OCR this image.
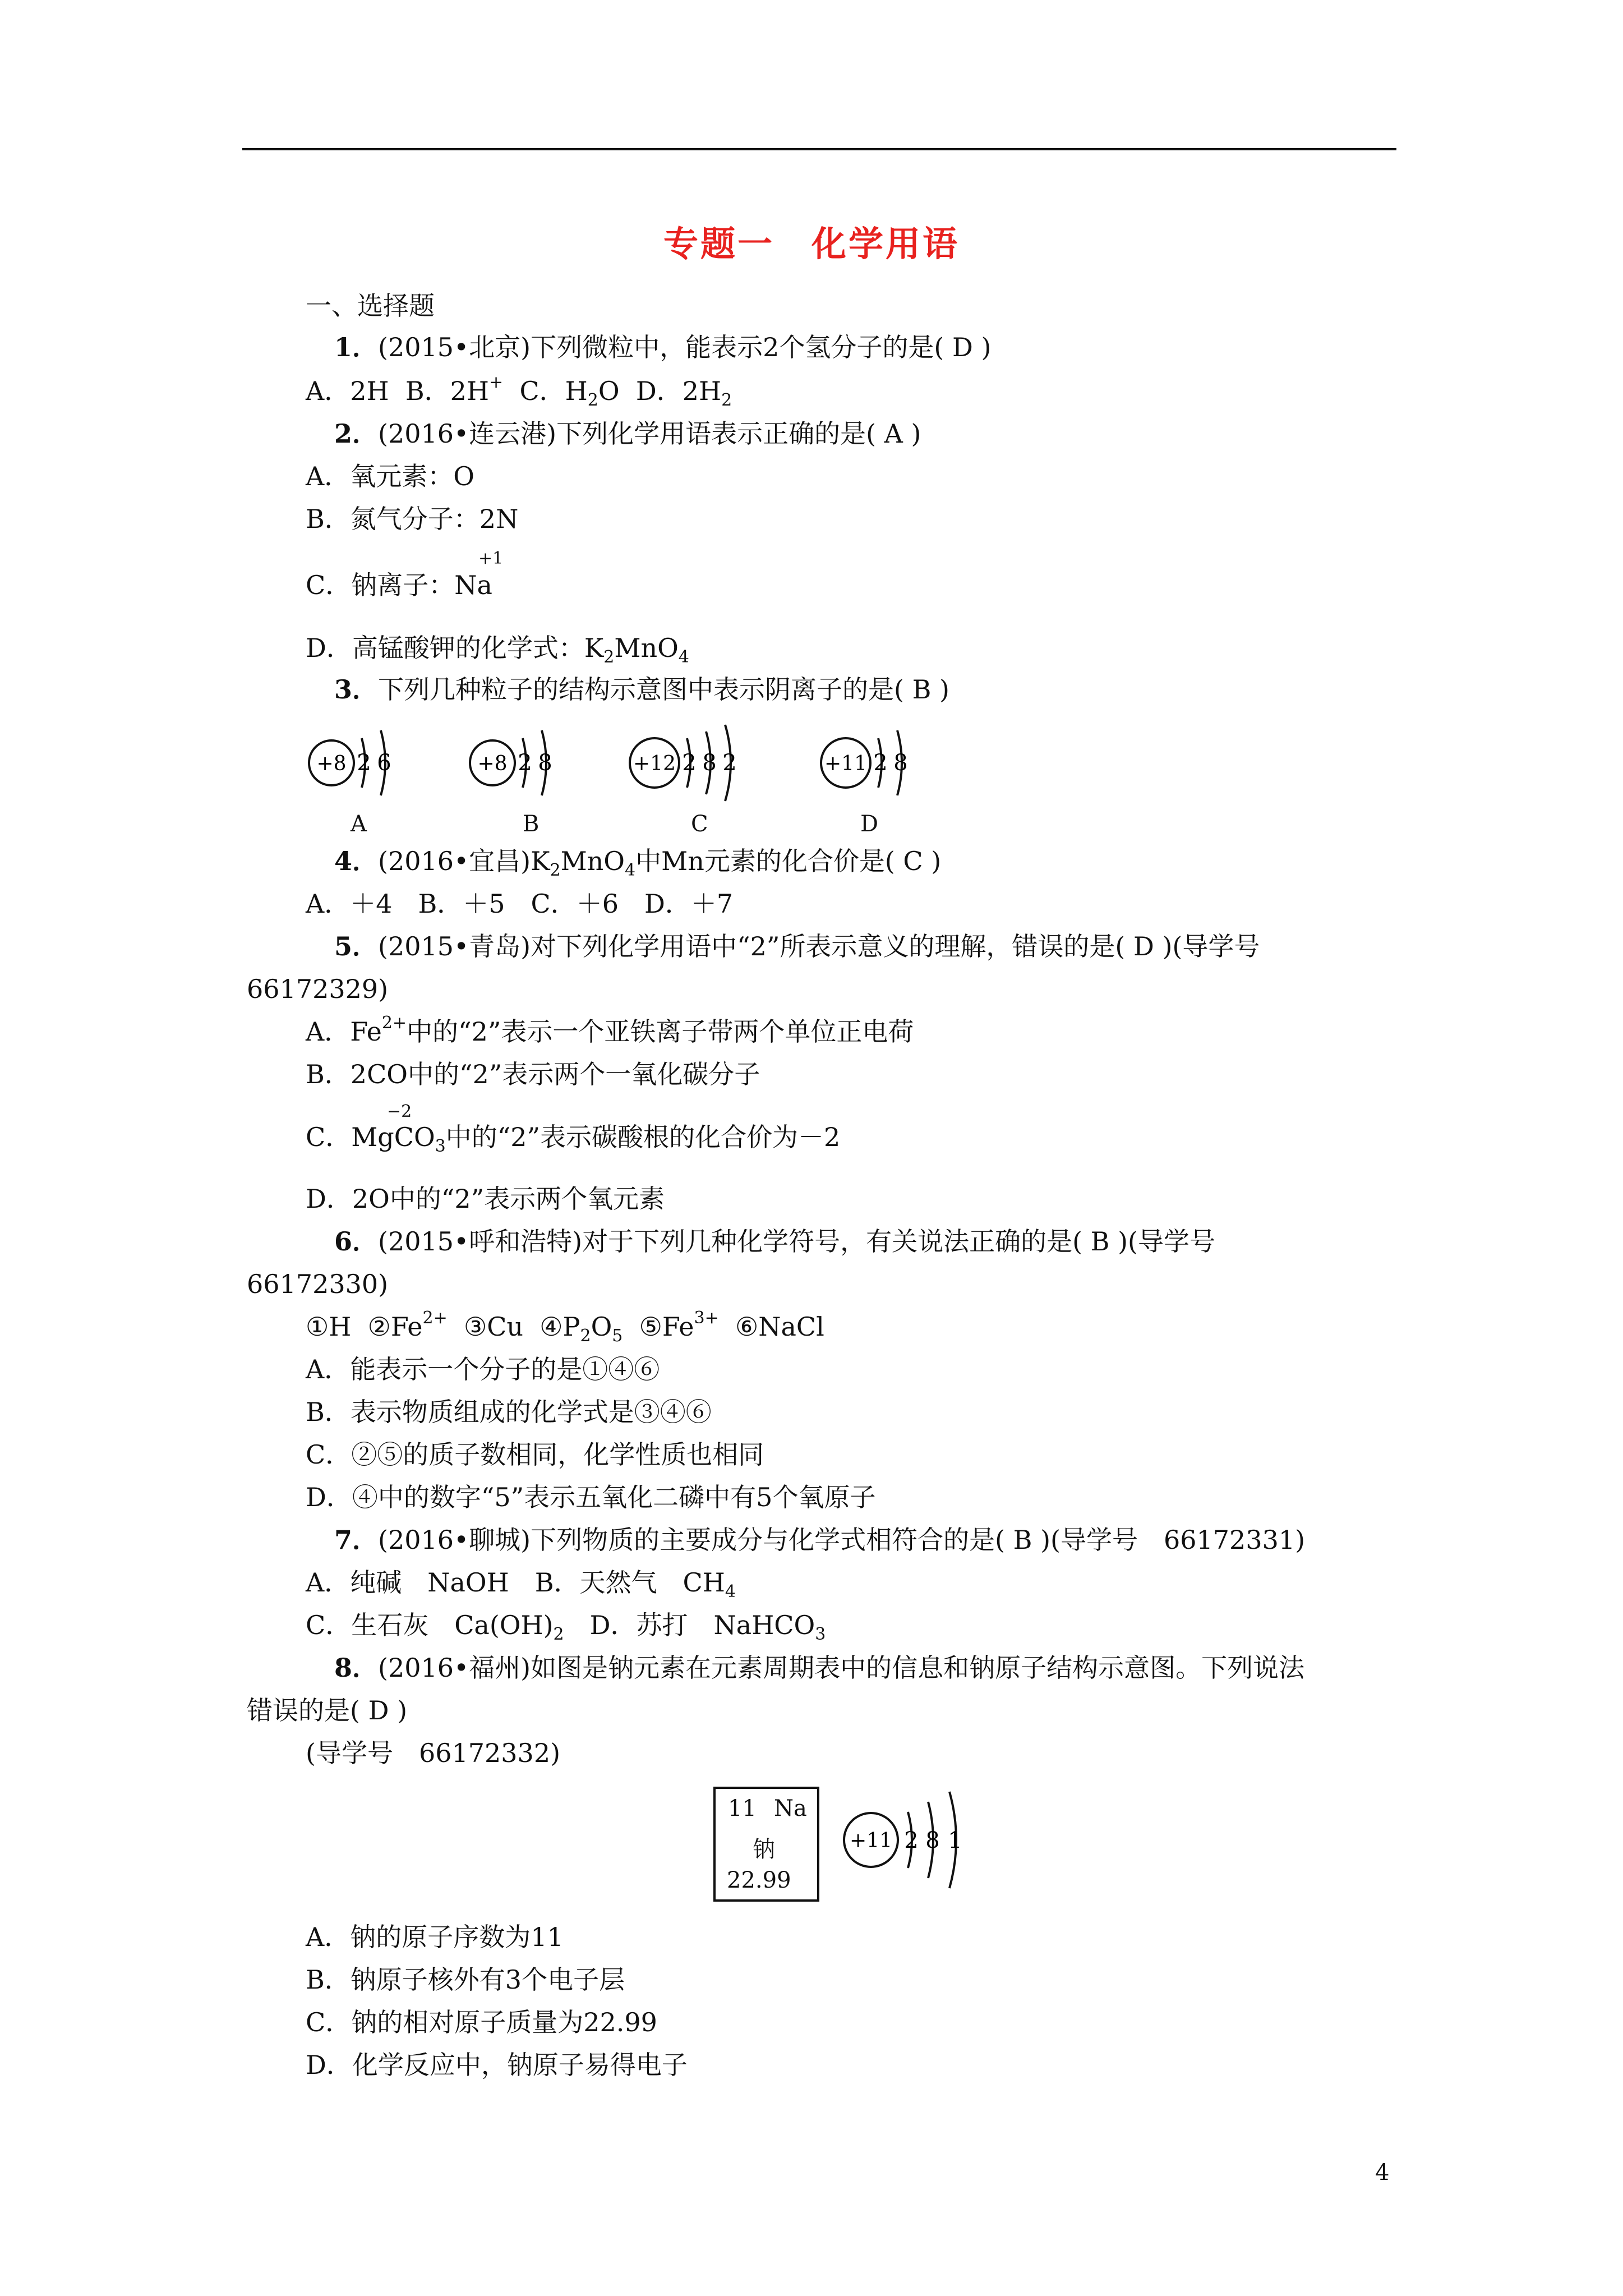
专题一　化学用语
一、选择题
1．(2015•北京)下列微粒中，能表示2个氢分子的是( D )
A．2H B．2H+ C．$H_2O$ D．$2H_2$
2．(2016•连云港)下列化学用语表示正确的是( A )
A．氧元素：O
B．氮气分子：2N
+1
C．钠离子：Na
D．高锰酸钾的化学式：$K_2MnO_4$
3．下列几种粒子的结构示意图中表示阴离子的是( B )
+8 2 6
A
+8 2 8
B
+12 2 8 2
C
+11 2 8
D
4．(2016•宜昌)$K_2MnO_4$中Mn元素的化合价是( C )
A．＋4　B．＋5　C．＋6　D．＋7
5．(2015•青岛)对下列化学用语中“2”所表示意义的理解，错误的是( D )(导学号
66172329)
A．$Fe^{2+}$中的“2”表示一个亚铁离子带两个单位正电荷
B．2CO中的“2”表示两个一氧化碳分子
−2
C．MgCO$_3$中的“2”表示碳酸根的化合价为－2
D．2O中的“2”表示两个氧元素
6．(2015•呼和浩特)对于下列几种化学符号，有关说法正确的是( B )(导学号
66172330)
①H $②Fe^{2+}$ ③Cu $④P_2O_5$ $⑤Fe^{3+}$ ⑥NaCl
A．能表示一个分子的是①④⑥
B．表示物质组成的化学式是③④⑥
C．②⑤的质子数相同，化学性质也相同
D．④中的数字“5”表示五氧化二磷中有5个氧原子
7．(2016•聊城)下列物质的主要成分与化学式相符合的是( B )(导学号　66172331)
A．纯碱　NaOH　B．天然气　$CH_4$
C．生石灰　$Ca(OH)_2$　D．苏打　NaHCO$_3$
8．(2016•福州)如图是钠元素在元素周期表中的信息和钠原子结构示意图。下列说法
错误的是( D )
(导学号　66172332)
11 Na
钠
22.99
+11 2 8 1
A．钠的原子序数为11
B．钠原子核外有3个电子层
C．钠的相对原子质量为22.99
D．化学反应中，钠原子易得电子
4
